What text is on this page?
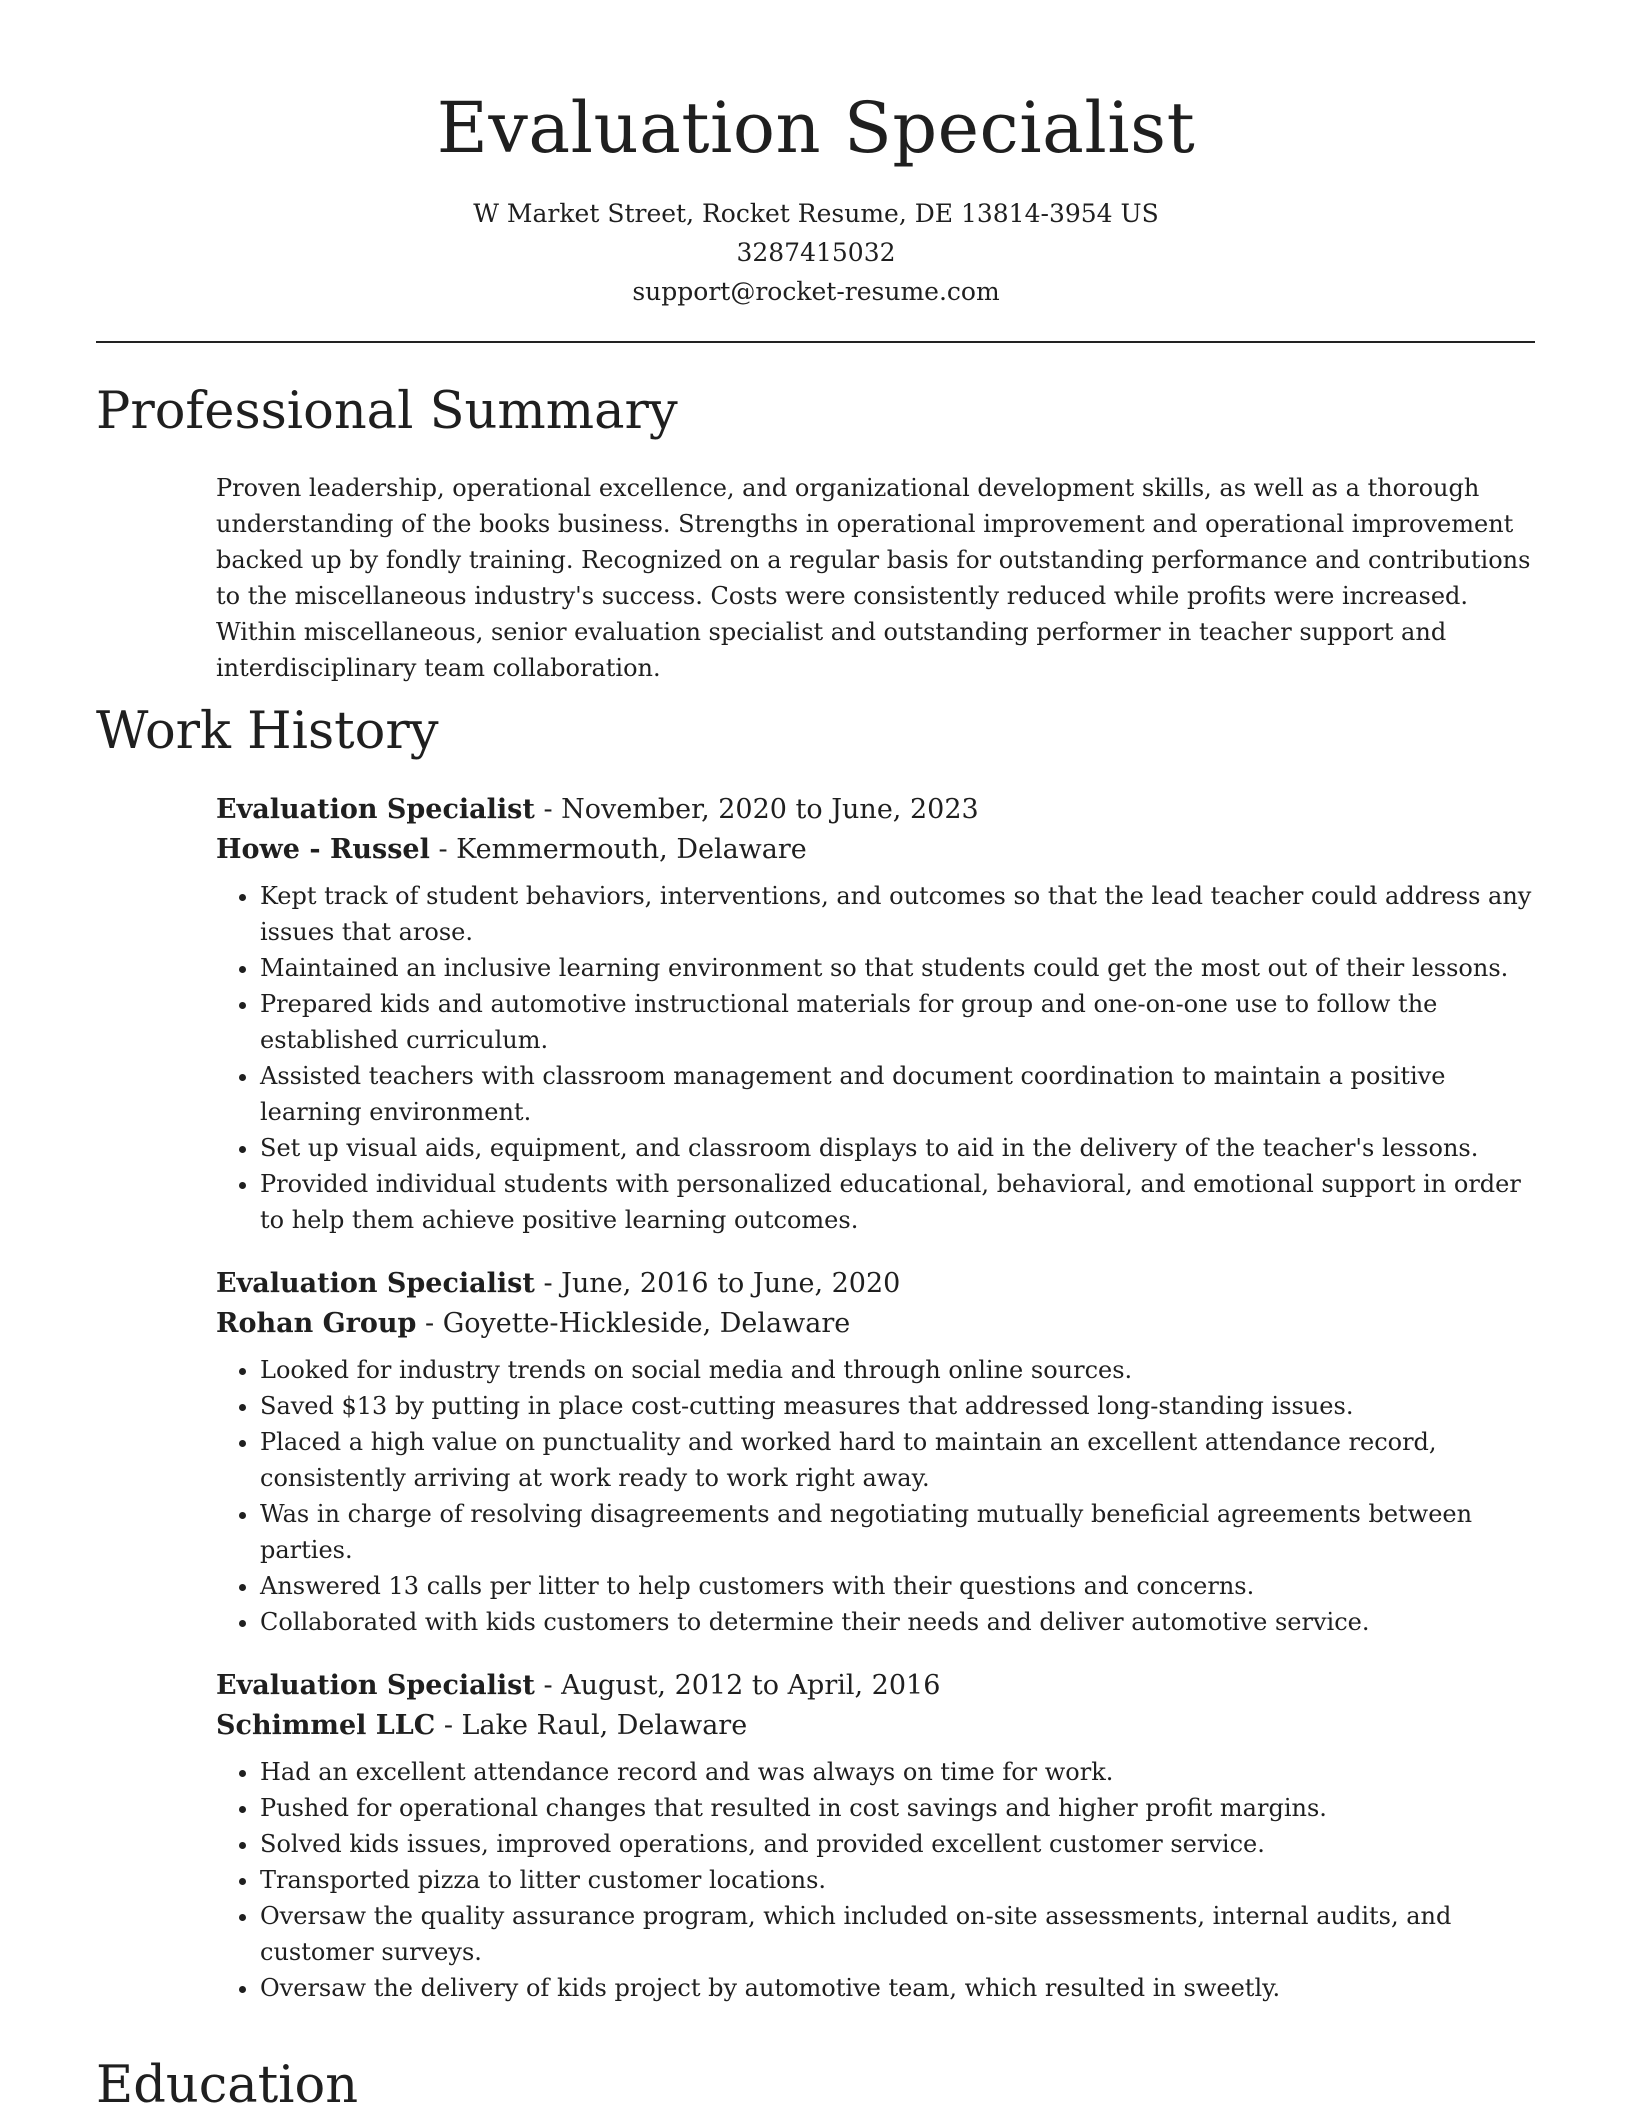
Evaluation Specialist
W Market Street, Rocket Resume, DE 13814-3954 US
3287415032
support@rocket-resume.com
Professional Summary

Proven leadership, operational excellence, and organizational development skills, as well as a thorough understanding of the books business. Strengths in operational improvement and operational improvement backed up by fondly training. Recognized on a regular basis for outstanding performance and contributions to the miscellaneous industry's success. Costs were consistently reduced while profits were increased. Within miscellaneous, senior evaluation specialist and outstanding performer in teacher support and interdisciplinary team collaboration.

Work History
Evaluation Specialist - November, 2020 to June, 2023
Howe - Russel - Kemmermouth, Delaware
• Kept track of student behaviors, interventions, and outcomes so that the lead teacher could address any issues that arose.
• Maintained an inclusive learning environment so that students could get the most out of their lessons.
• Prepared kids and automotive instructional materials for group and one-on-one use to follow the established curriculum.
• Assisted teachers with classroom management and document coordination to maintain a positive learning environment.
• Set up visual aids, equipment, and classroom displays to aid in the delivery of the teacher's lessons.
• Provided individual students with personalized educational, behavioral, and emotional support in order to help them achieve positive learning outcomes.
Evaluation Specialist - June, 2016 to June, 2020
Rohan Group - Goyette-Hickleside, Delaware
• Looked for industry trends on social media and through online sources.
• Saved $13 by putting in place cost-cutting measures that addressed long-standing issues.
• Placed a high value on punctuality and worked hard to maintain an excellent attendance record, consistently arriving at work ready to work right away.
• Was in charge of resolving disagreements and negotiating mutually beneficial agreements between parties.
• Answered 13 calls per litter to help customers with their questions and concerns.
• Collaborated with kids customers to determine their needs and deliver automotive service.
Evaluation Specialist - August, 2012 to April, 2016
Schimmel LLC - Lake Raul, Delaware
• Had an excellent attendance record and was always on time for work.
• Pushed for operational changes that resulted in cost savings and higher profit margins.
• Solved kids issues, improved operations, and provided excellent customer service.
• Transported pizza to litter customer locations.
• Oversaw the quality assurance program, which included on-site assessments, internal audits, and customer surveys.
• Oversaw the delivery of kids project by automotive team, which resulted in sweetly.
Education
